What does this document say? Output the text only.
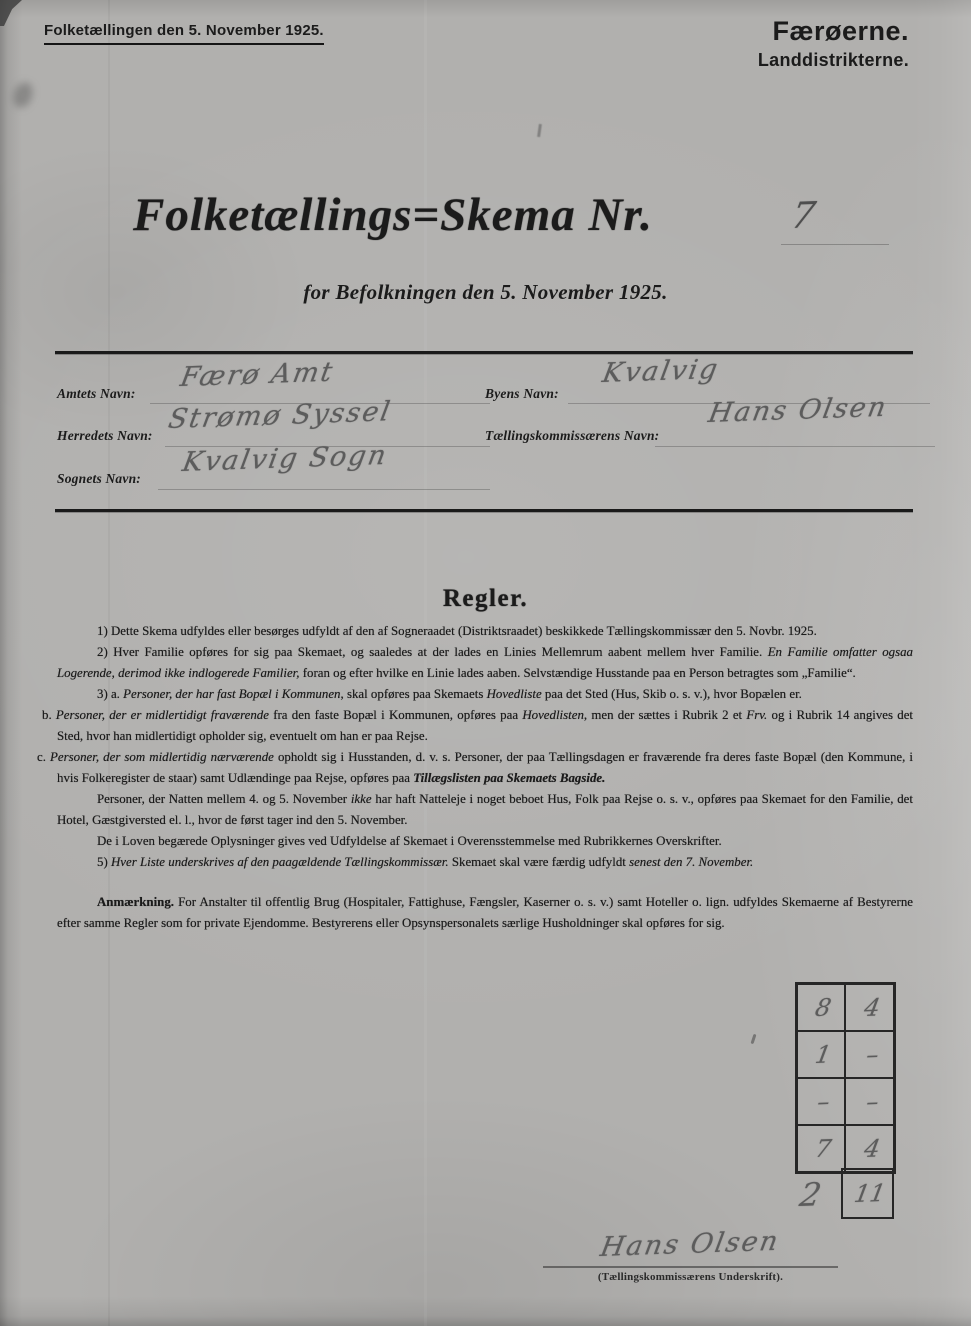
Folketællingen den 5. November 1925.	Færøerne.
Landdistrikterne.
Folketællings=Skema Nr.	7
for Befolkningen den 5. November 1925.
Amtets Navn:
Færø Amt
Herredets Navn:
Strømø Syssel
Sognets Navn:
Kvalvig Sogn
Byens Navn:
Kvalvig
Tællingskommissærens Navn:
Hans Olsen
Regler.

1) Dette Skema udfyldes eller besørges udfyldt af den af Sogneraadet (Distriktsraadet) beskikkede Tællingskommissær den 5. Novbr. 1925.

2) Hver Familie opføres for sig paa Skemaet, og saaledes at der lades en Linies Mellemrum aabent mellem hver Familie. En Familie omfatter ogsaa Logerende, derimod ikke indlogerede Familier, foran og efter hvilke en Linie lades aaben. Selvstændige Husstande paa en Person betragtes som „Familie“.

3) a. Personer, der har fast Bopæl i Kommunen, skal opføres paa Skemaets Hovedliste paa det Sted (Hus, Skib o. s. v.), hvor Bopælen er.

b. Personer, der er midlertidigt fraværende fra den faste Bopæl i Kommunen, opføres paa Hovedlisten, men der sættes i Rubrik 2 et Frv. og i Rubrik 14 angives det Sted, hvor han midlertidigt opholder sig, eventuelt om han er paa Rejse.

c. Personer, der som midlertidig nærværende opholdt sig i Husstanden, d. v. s. Personer, der paa Tællingsdagen er fraværende fra deres faste Bopæl (den Kommune, i hvis Folkeregister de staar) samt Udlændinge paa Rejse, opføres paa Tillægslisten paa Skemaets Bagside.

Personer, der Natten mellem 4. og 5. November ikke har haft Natteleje i noget beboet Hus, Folk paa Rejse o. s. v., opføres paa Skemaet for den Familie, det Hotel, Gæstgiversted el. l., hvor de først tager ind den 5. November.

De i Loven begærede Oplysninger gives ved Udfyldelse af Skemaet i Overensstemmelse med Rubrikkernes Overskrifter.

5) Hver Liste underskrives af den paagældende Tællingskommissær. Skemaet skal være færdig udfyldt senest den 7. November.

Anmærkning. For Anstalter til offentlig Brug (Hospitaler, Fattighuse, Fængsler, Kaserner o. s. v.) samt Hoteller o. lign. udfyldes Skemaerne af Bestyrerne efter samme Regler som for private Ejendomme. Bestyrerens eller Opsynspersonalets særlige Husholdninger skal opføres for sig.

8 4
1 –
– –
7 4
2 11
Hans Olsen
(Tællingskommissærens Underskrift).
